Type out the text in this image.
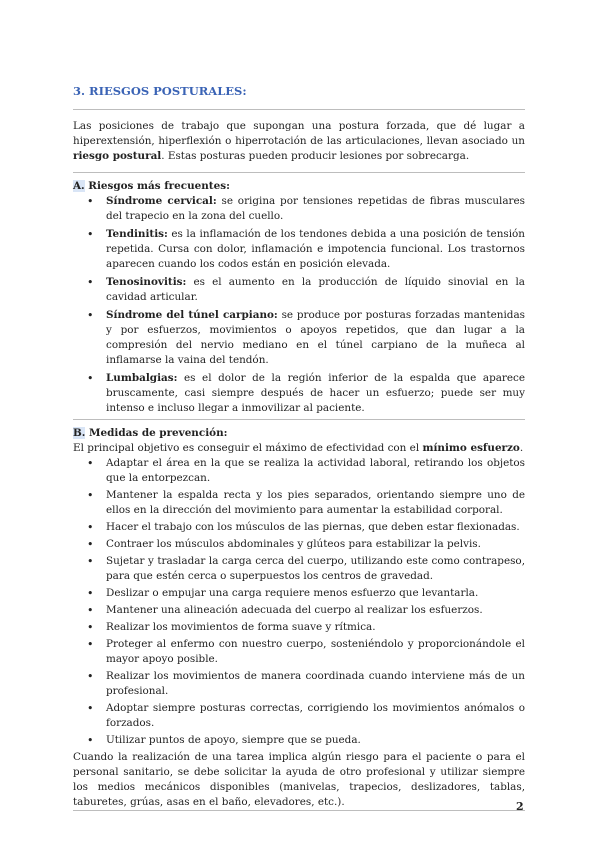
3. RIESGOS POSTURALES:

Las posiciones de trabajo que supongan una postura forzada, que dé lugar a hiperextensión, hiperflexión o hiperrotación de las articulaciones, llevan asociado un riesgo postural. Estas posturas pueden producir lesiones por sobrecarga.

A. Riesgos más frecuentes:
• Síndrome cervical: se origina por tensiones repetidas de fibras musculares del trapecio en la zona del cuello.
• Tendinitis: es la inflamación de los tendones debida a una posición de tensión repetida. Cursa con dolor, inflamación e impotencia funcional. Los trastornos aparecen cuando los codos están en posición elevada.
• Tenosinovitis: es el aumento en la producción de líquido sinovial en la cavidad articular.
• Síndrome del túnel carpiano: se produce por posturas forzadas mantenidas y por esfuerzos, movimientos o apoyos repetidos, que dan lugar a la compresión del nervio mediano en el túnel carpiano de la muñeca al inflamarse la vaina del tendón.
• Lumbalgias: es el dolor de la región inferior de la espalda que aparece bruscamente, casi siempre después de hacer un esfuerzo; puede ser muy intenso e incluso llegar a inmovilizar al paciente.
B. Medidas de prevención:

El principal objetivo es conseguir el máximo de efectividad con el mínimo esfuerzo.

• Adaptar el área en la que se realiza la actividad laboral, retirando los objetos que la entorpezcan.
• Mantener la espalda recta y los pies separados, orientando siempre uno de ellos en la dirección del movimiento para aumentar la estabilidad corporal.
• Hacer el trabajo con los músculos de las piernas, que deben estar flexionadas.
• Contraer los músculos abdominales y glúteos para estabilizar la pelvis.
• Sujetar y trasladar la carga cerca del cuerpo, utilizando este como contrapeso, para que estén cerca o superpuestos los centros de gravedad.
• Deslizar o empujar una carga requiere menos esfuerzo que levantarla.
• Mantener una alineación adecuada del cuerpo al realizar los esfuerzos.
• Realizar los movimientos de forma suave y rítmica.
• Proteger al enfermo con nuestro cuerpo, sosteniéndolo y proporcionándole el mayor apoyo posible.
• Realizar los movimientos de manera coordinada cuando interviene más de un profesional.
• Adoptar siempre posturas correctas, corrigiendo los movimientos anómalos o forzados.
• Utilizar puntos de apoyo, siempre que se pueda.

Cuando la realización de una tarea implica algún riesgo para el paciente o para el personal sanitario, se debe solicitar la ayuda de otro profesional y utilizar siempre los medios mecánicos disponibles (manivelas, trapecios, deslizadores, tablas, taburetes, grúas, asas en el baño, elevadores, etc.).	2
